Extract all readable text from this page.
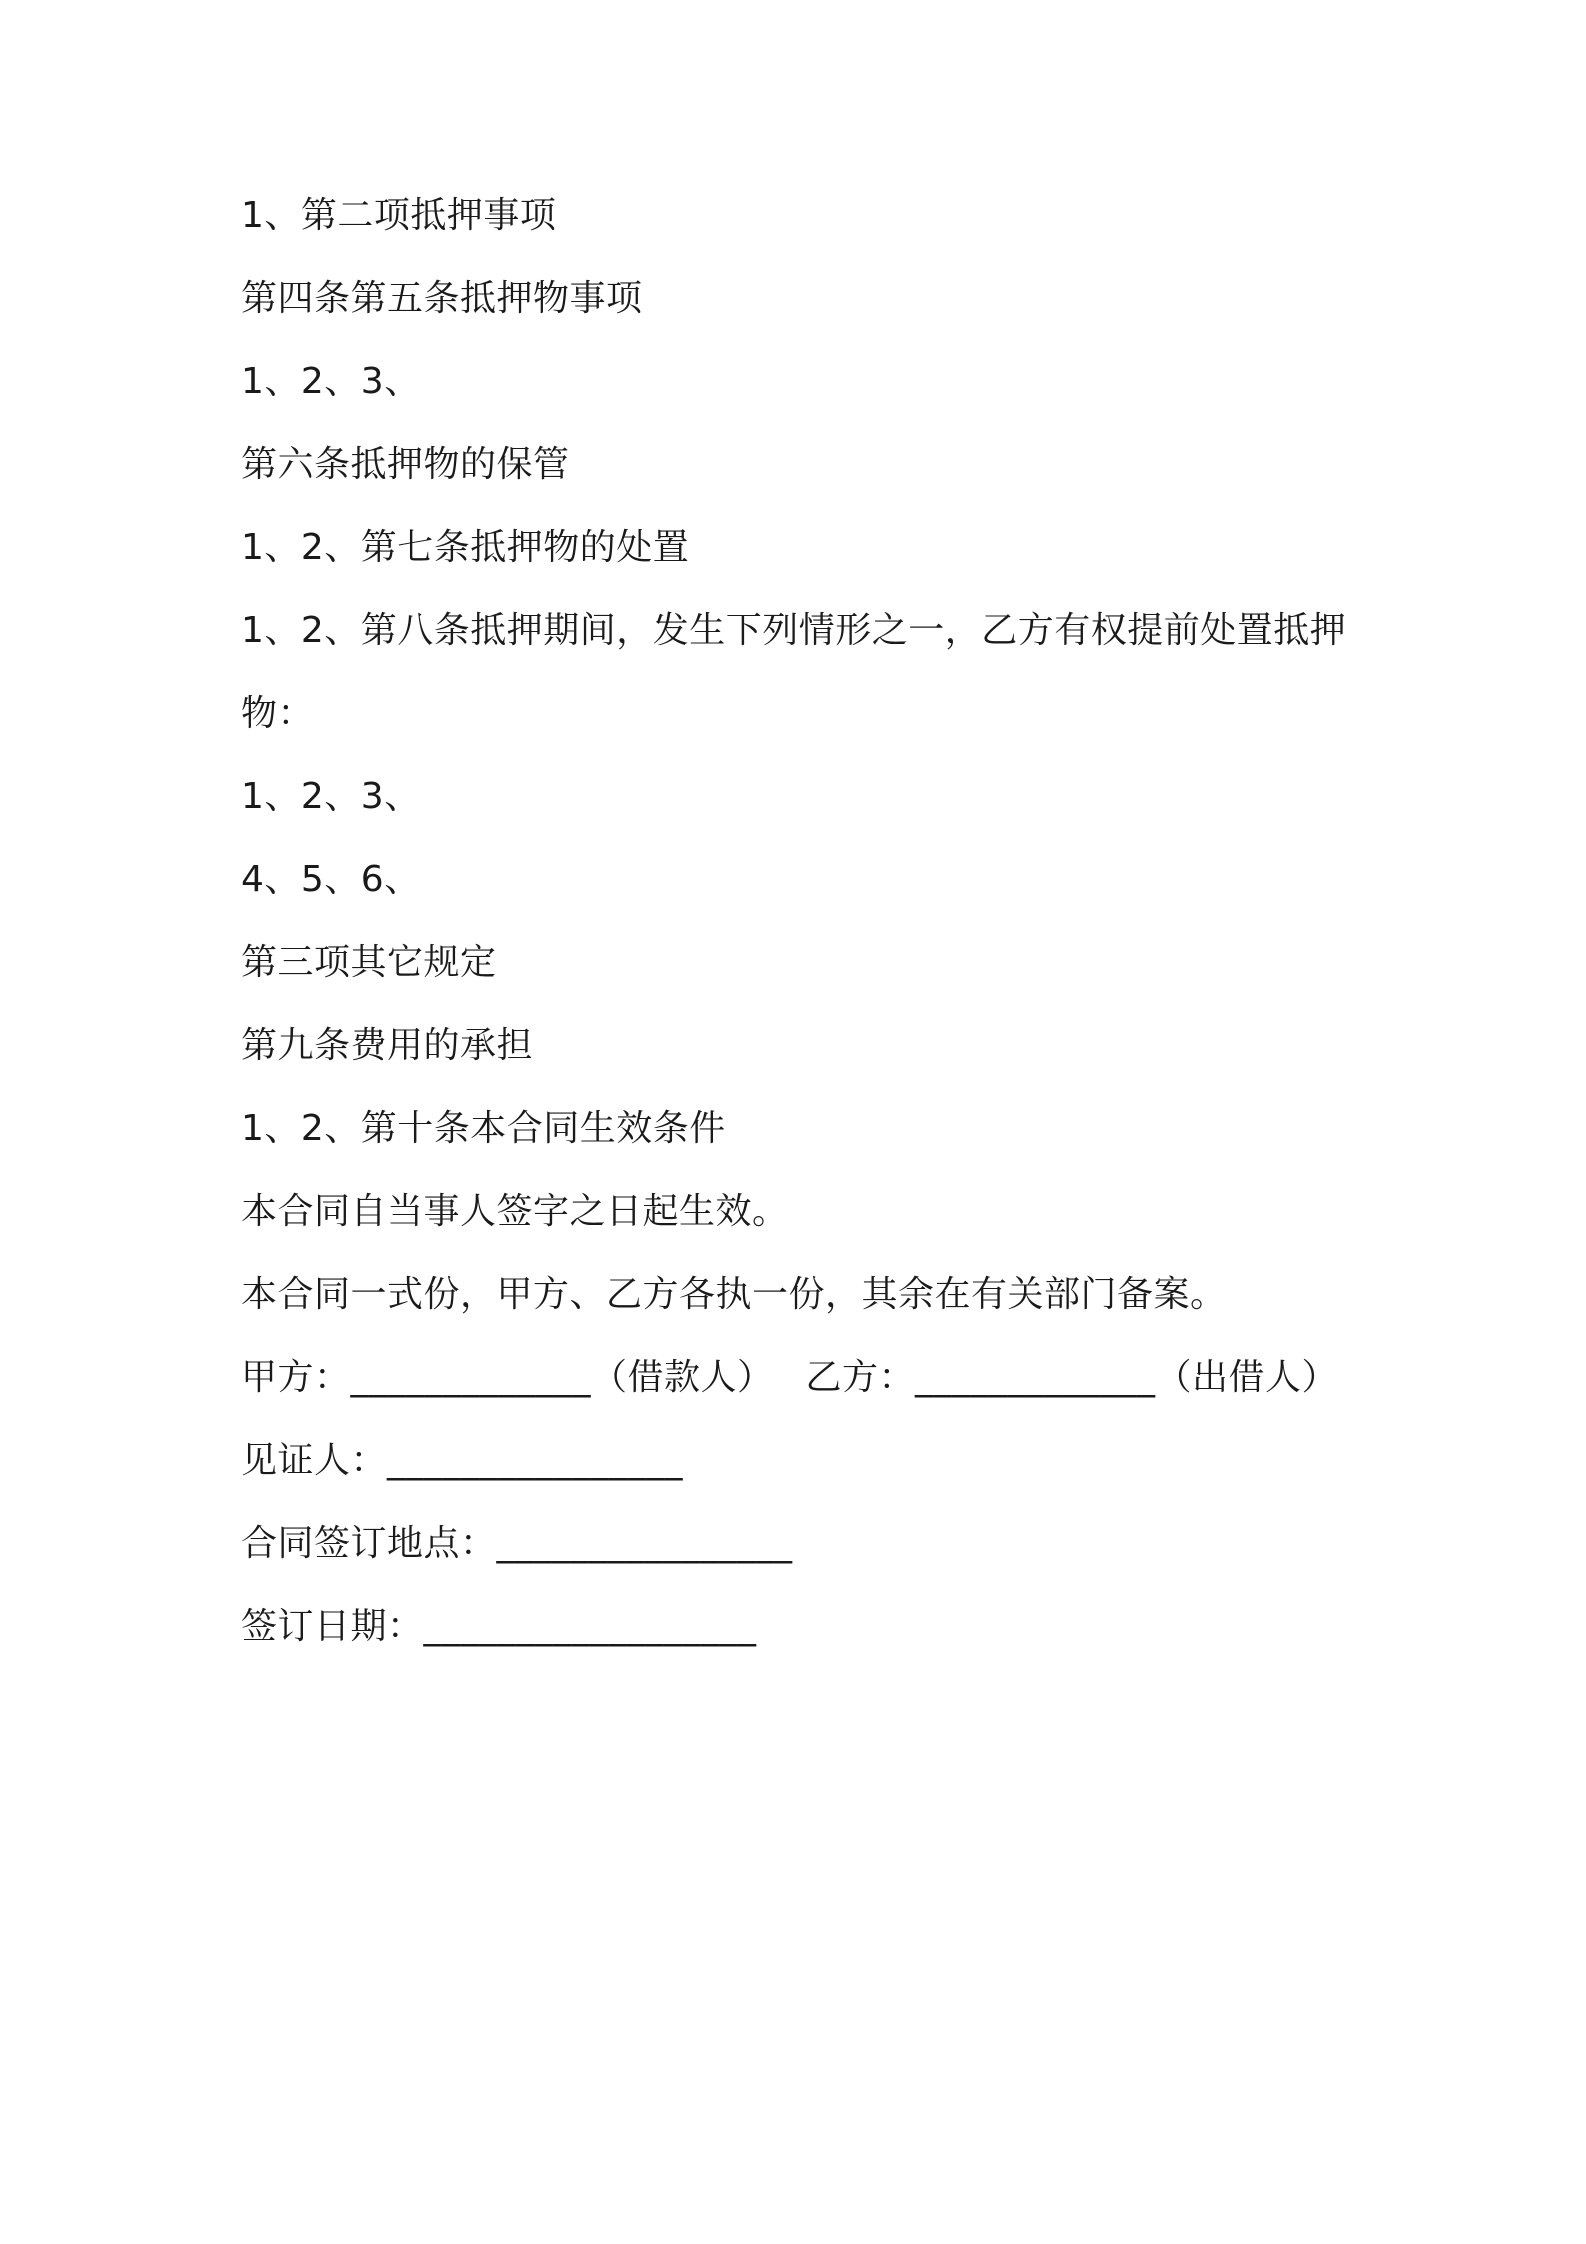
1、第二项抵押事项
第四条第五条抵押物事项
1、2、3、
第六条抵押物的保管
1、2、第七条抵押物的处置
1、2、第八条抵押期间，发生下列情形之一，乙方有权提前处置抵押
物：
1、2、3、
4、5、6、
第三项其它规定
第九条费用的承担
1、2、第十条本合同生效条件
本合同自当事人签字之日起生效。
本合同一式份，甲方、乙方各执一份，其余在有关部门备案。
甲方：_____________（借款人） 乙方：_____________（出借人）
见证人：________________
合同签订地点：________________
签订日期：__________________
